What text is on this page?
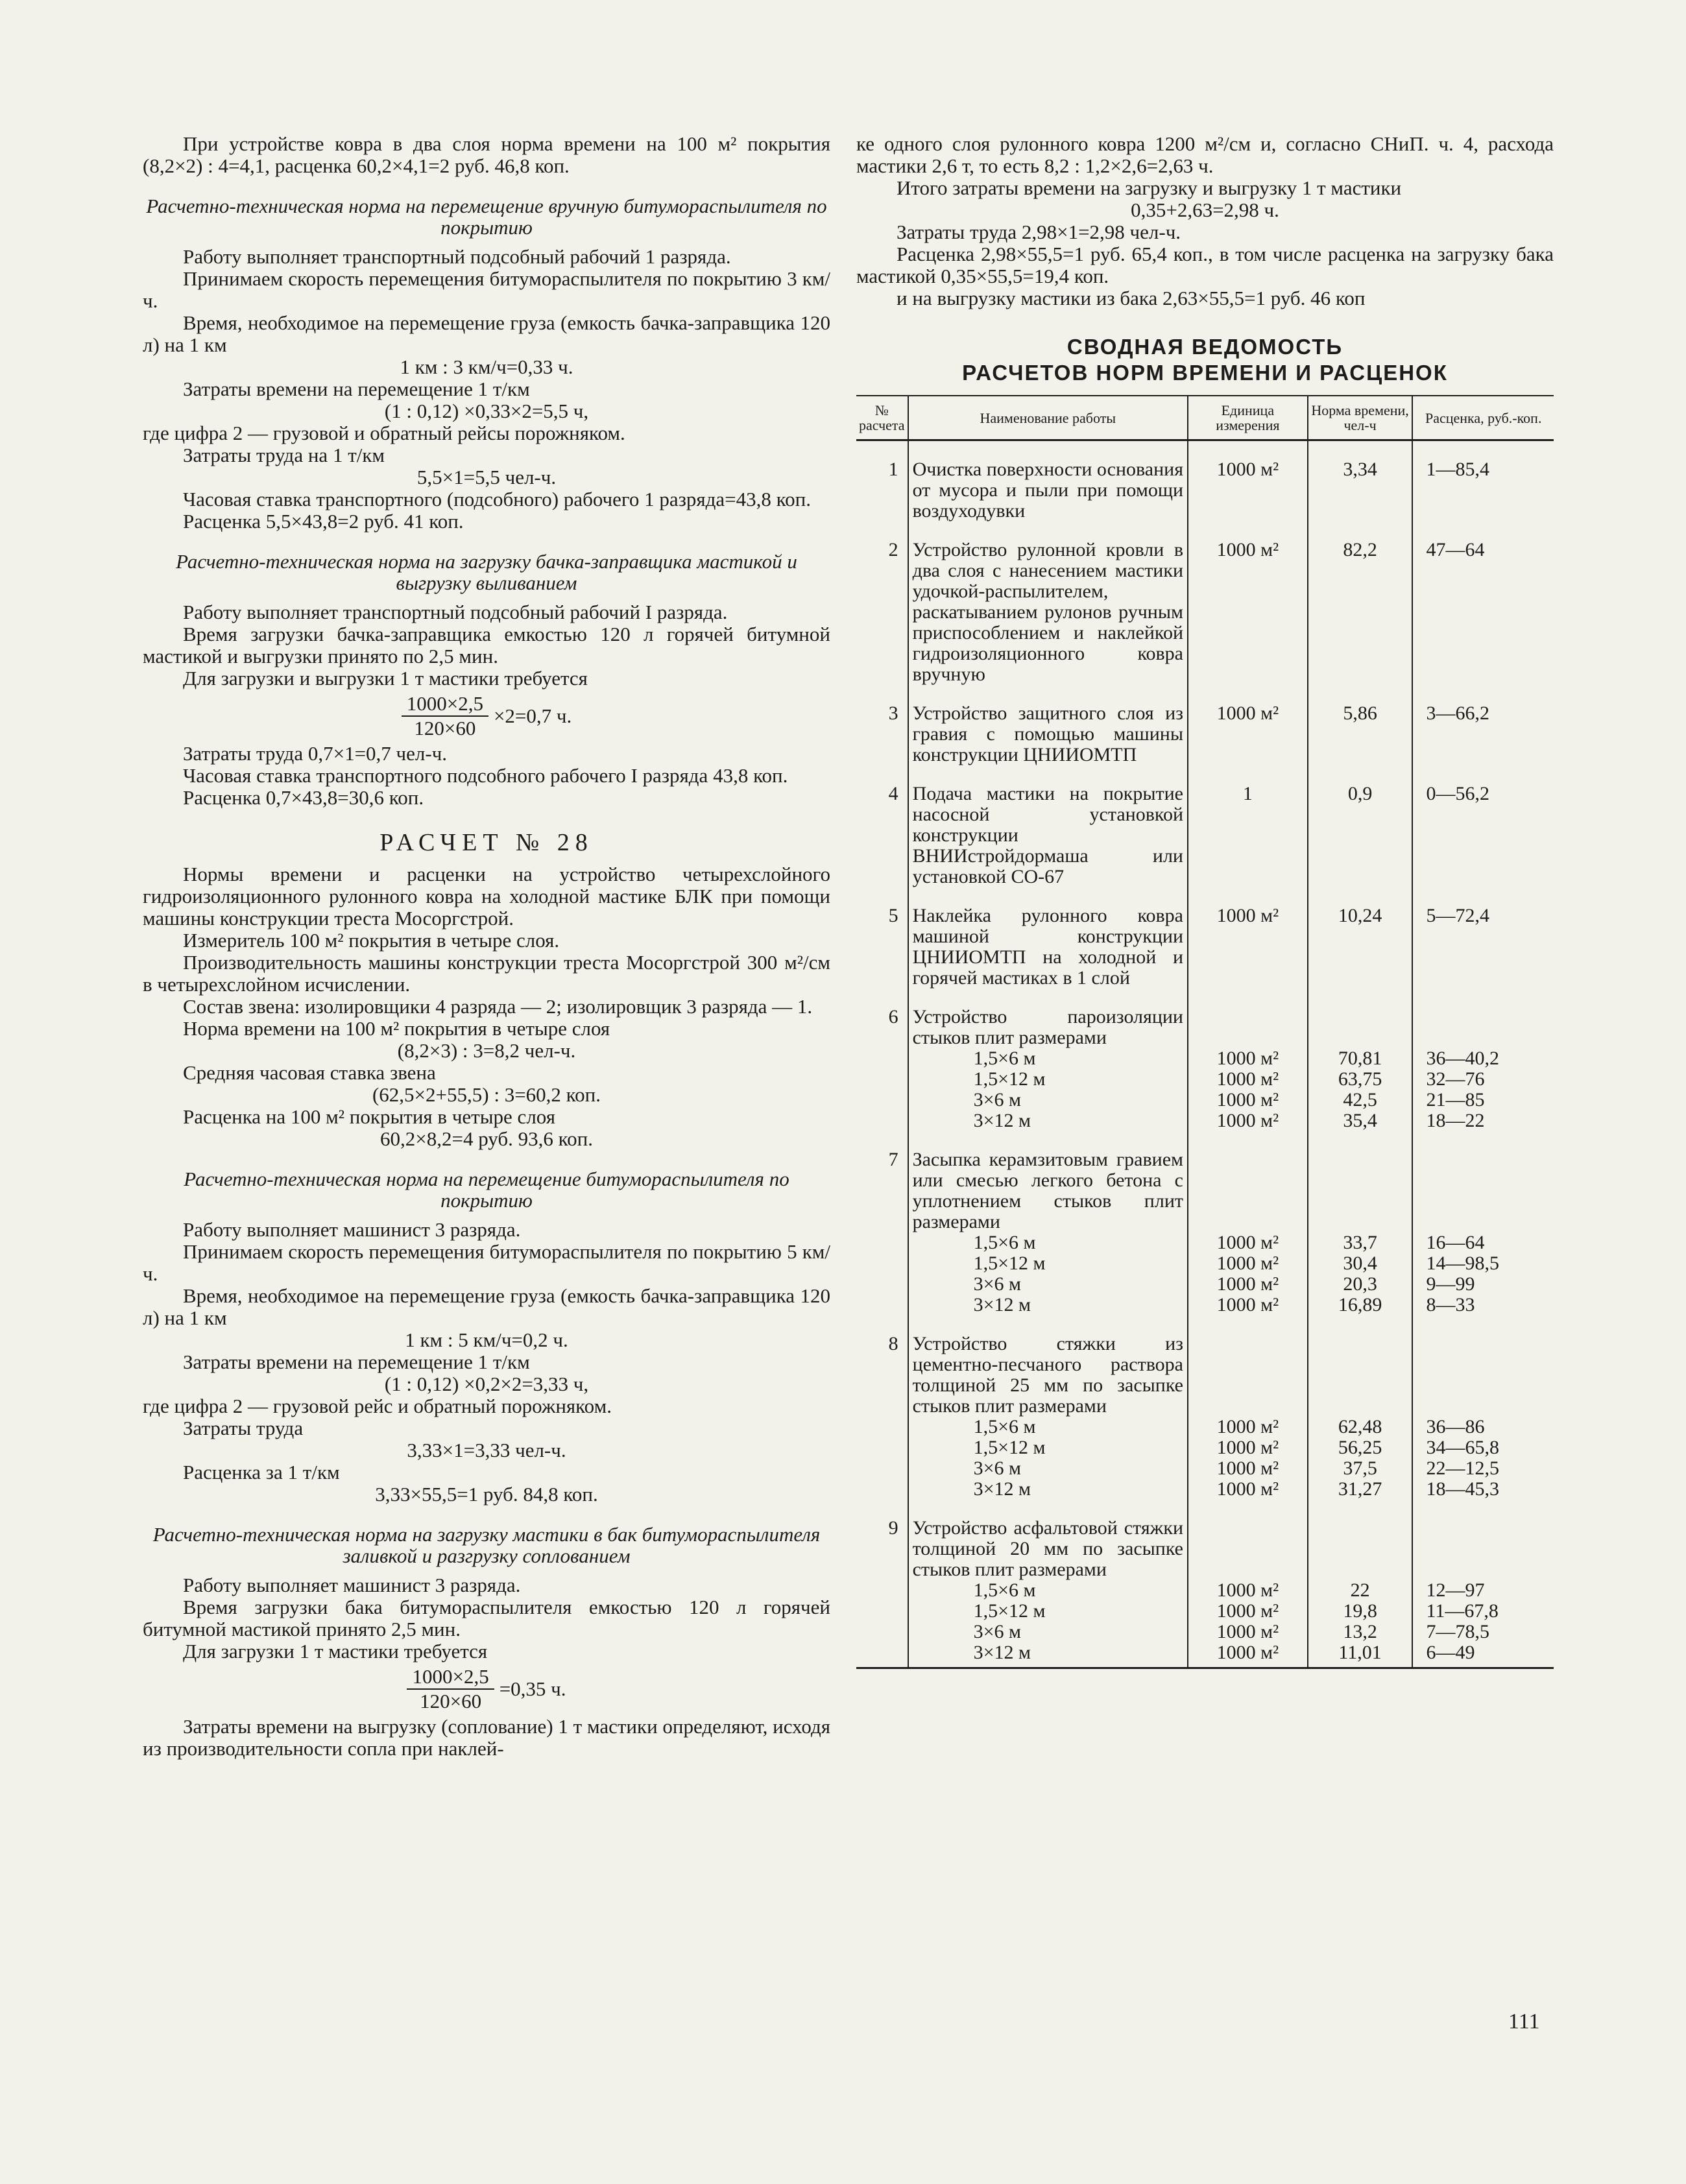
При устройстве ковра в два слоя норма времени на 100 м² покрытия (8,2×2) : 4=4,1, расценка 60,2×4,1=2 руб. 46,8 коп.

Расчетно-техническая норма на перемещение вручную битуморaспылителя по покрытию

Работу выполняет транспортный подсобный рабочий 1 разряда.

Принимаем скорость перемещения битумораспылителя по покрытию 3 км/ч.

Время, необходимое на перемещение груза (емкость бачка-заправщика 120 л) на 1 км

1 км : 3 км/ч=0,33 ч.

Затраты времени на перемещение 1 т/км

(1 : 0,12) ×0,33×2=5,5 ч,

где цифра 2 — грузовой и обратный рейсы порожняком.

Затраты труда на 1 т/км

5,5×1=5,5 чел-ч.

Часовая ставка транспортного (подсобного) рабочего 1 разряда=43,8 коп.

Расценка 5,5×43,8=2 руб. 41 коп.

Расчетно-техническая норма на загрузку бачка-заправщика мастикой и выгрузку выливанием

Работу выполняет транспортный подсобный рабочий I разряда.

Время загрузки бачка-заправщика емкостью 120 л горячей битумной мастикой и выгрузки принято по 2,5 мин.

Для загрузки и выгрузки 1 т мастики требуется

$\frac{1000\times 2,5}{120\times 60} \times 2=0,7$ ч.

Затраты труда 0,7×1=0,7 чел-ч.

Часовая ставка транспортного подсобного рабочего I разряда 43,8 коп.

Расценка 0,7×43,8=30,6 коп.

РАСЧЕТ № 28

Нормы времени и расценки на устройство четырехслойного гидроизоляционного рулонного ковра на холодной мастике БЛК при помощи машины конструкции треста Мосоргстрой.

Измеритель 100 м² покрытия в четыре слоя.

Производительность машины конструкции треста Мосоргстрой 300 м²/см в четырехслойном исчислении.

Состав звена: изолировщики 4 разряда — 2; изолировщик 3 разряда — 1.

Норма времени на 100 м² покрытия в четыре слоя

(8,2×3) : 3=8,2 чел-ч.

Средняя часовая ставка звена

(62,5×2+55,5) : 3=60,2 коп.

Расценка на 100 м² покрытия в четыре слоя

60,2×8,2=4 руб. 93,6 коп.

Расчетно-техническая норма на перемещение битумораспылителя по покрытию

Работу выполняет машинист 3 разряда.

Принимаем скорость перемещения битумораспылителя по покрытию 5 км/ч.

Время, необходимое на перемещение груза (емкость бачка-заправщика 120 л) на 1 км

1 км : 5 км/ч=0,2 ч.

Затраты времени на перемещение 1 т/км

(1 : 0,12) ×0,2×2=3,33 ч,

где цифра 2 — грузовой рейс и обратный порожняком.

Затраты труда

3,33×1=3,33 чел-ч.

Расценка за 1 т/км

3,33×55,5=1 руб. 84,8 коп.

Расчетно-техническая норма на загрузку мастики в бак битумораспылителя заливкой и разгрузку сопловaнием

Работу выполняет машинист 3 разряда.

Время загрузки бака битумораспылителя емкостью 120 л горячей битумной мастикой принято 2,5 мин.

Для загрузки 1 т мастики требуется

$\frac{1000\times 2,5}{120\times 60} =0,35$ ч.

Затраты времени на выгрузку (соплование) 1 т мастики определяют, исходя из производительности сопла при наклей-

ке одного слоя рулонного ковра 1200 м²/см и, согласно СНиП. ч. 4, расхода мастики 2,6 т, то есть 8,2 : 1,2×2,6=2,63 ч.

Итого затраты времени на загрузку и выгрузку 1 т мастики

0,35+2,63=2,98 ч.

Затраты труда 2,98×1=2,98 чел-ч.

Расценка 2,98×55,5=1 руб. 65,4 коп., в том числе расценка на загрузку бака мастикой 0,35×55,5=19,4 коп.

и на выгрузку мастики из бака 2,63×55,5=1 руб. 46 коп

СВОДНАЯ ВЕДОМОСТЬ
РАСЧЕТОВ НОРМ ВРЕМЕНИ И РАСЦЕНОК
№ расчета	Наименование работы	Единица измерения	Норма времени, чел-ч	Расценка, руб.-коп.
1	Очистка поверхности основания от мусора и пыли при помощи воздуходувки	1000 м²	3,34	1—85,4
2	Устройство рулонной кровли в два слоя с нанесением мастики удочкой-распылителем, раскатыванием рулонов ручным приспособлением и наклейкой гидроизоляционного ковра вручную	1000 м²	82,2	47—64
3	Устройство защитного слоя из гравия с помощью машины конструкции ЦНИИОМТП	1000 м²	5,86	3—66,2
4	Подача мастики на покрытие насосной установкой конструкции ВНИИстройдормаша или установкой СО-67	1	0,9	0—56,2
5	Наклейка рулонного ковра машиной конструкции ЦНИИОМТП на холодной и горячей мастиках в 1 слой	1000 м²	10,24	5—72,4
6	Устройство пароизоляции стыков плит размерами			
	1,5×6 м	1000 м²	70,81	36—40,2
	1,5×12 м	1000 м²	63,75	32—76
	3×6 м	1000 м²	42,5	21—85
	3×12 м	1000 м²	35,4	18—22
7	Засыпка керамзитовым гравием или смесью легкого бетона с уплотнением стыков плит размерами			
	1,5×6 м	1000 м²	33,7	16—64
	1,5×12 м	1000 м²	30,4	14—98,5
	3×6 м	1000 м²	20,3	9—99
	3×12 м	1000 м²	16,89	8—33
8	Устройство стяжки из цементно-песчаного раствора толщиной 25 мм по засыпке стыков плит размерами			
	1,5×6 м	1000 м²	62,48	36—86
	1,5×12 м	1000 м²	56,25	34—65,8
	3×6 м	1000 м²	37,5	22—12,5
	3×12 м	1000 м²	31,27	18—45,3
9	Устройство асфальтовой стяжки толщиной 20 мм по засыпке стыков плит размерами			
	1,5×6 м	1000 м²	22	12—97
	1,5×12 м	1000 м²	19,8	11—67,8
	3×6 м	1000 м²	13,2	7—78,5
	3×12 м	1000 м²	11,01	6—49
111
